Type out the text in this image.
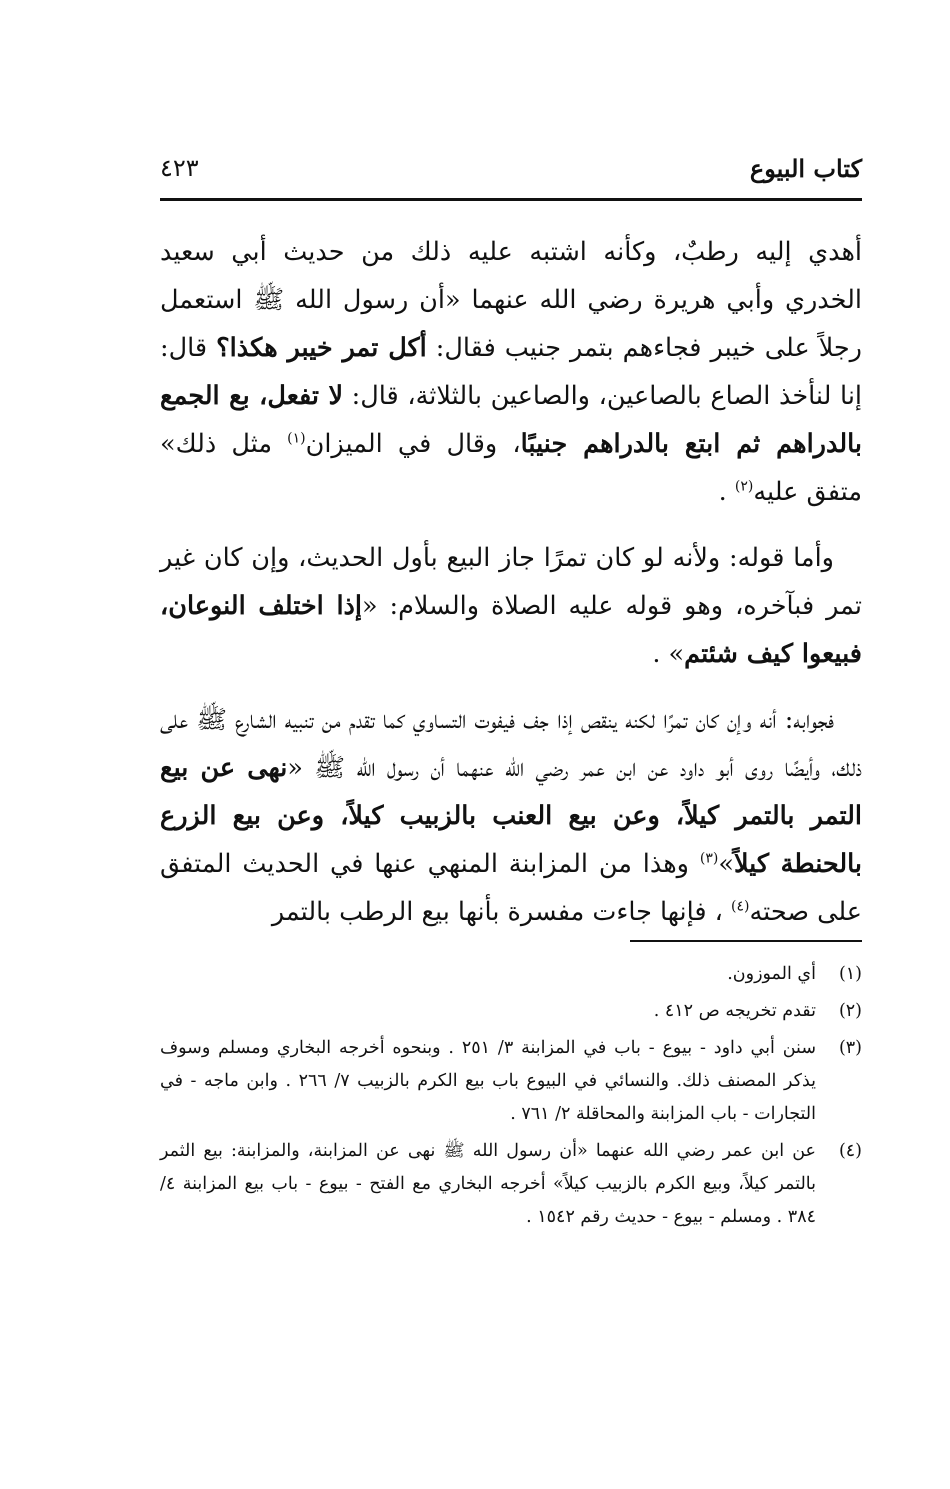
كتاب البيوع
٤٢٣

أهدي إليه رطبٌ، وكأنه اشتبه عليه ذلك من حديث أبي سعيد الخدري وأبي هريرة رضي الله عنهما «أن رسول الله ﷺ استعمل رجلاً على خيبر فجاءهم بتمر جنيب فقال: أكل تمر خيبر هكذا؟ قال: إنا لنأخذ الصاع بالصاعين، والصاعين بالثلاثة، قال: لا تفعل، بع الجمع بالدراهم ثم ابتع بالدراهم جنيبًا، وقال في الميزان$^{(١)}$ مثل ذلك» متفق عليه$^{(٢)}$ .

وأما قوله: ولأنه لو كان تمرًا جاز البيع بأول الحديث، وإن كان غير تمر فبآخره، وهو قوله عليه الصلاة والسلام: «إذا اختلف النوعان، فبيعوا كيف شئتم» .

فجوابه: أنه وإن كان تمرًا لكنه ينقص إذا جف فيفوت التساوي كما تقدم من تنبيه الشارع ﷺ على ذلك، وأيضًا روى أبو داود عن ابن عمر رضي الله عنهما أن رسول الله ﷺ «نهى عن بيع التمر بالتمر كيلاً، وعن بيع العنب بالزبيب كيلاً، وعن بيع الزرع بالحنطة كيلاً»$^{(٣)}$ وهذا من المزابنة المنهي عنها في الحديث المتفق على صحته$^{(٤)}$ ، فإنها جاءت مفسرة بأنها بيع الرطب بالتمر

(١)
أي الموزون.
(٢)
تقدم تخريجه ص ٤١٢ .
(٣)
سنن أبي داود - بيوع - باب في المزابنة ٣/ ٢٥١ . وبنحوه أخرجه البخاري ومسلم وسوف يذكر المصنف ذلك. والنسائي في البيوع باب بيع الكرم بالزبيب ٧/ ٢٦٦ . وابن ماجه - في التجارات - باب المزابنة والمحاقلة ٢/ ٧٦١ .
(٤)
عن ابن عمر رضي الله عنهما «أن رسول الله ﷺ نهى عن المزابنة، والمزابنة: بيع الثمر بالتمر كيلاً، وبيع الكرم بالزبيب كيلاً» أخرجه البخاري مع الفتح - بيوع - باب بيع المزابنة ٤/ ٣٨٤ . ومسلم - بيوع - حديث رقم ١٥٤٢ .
